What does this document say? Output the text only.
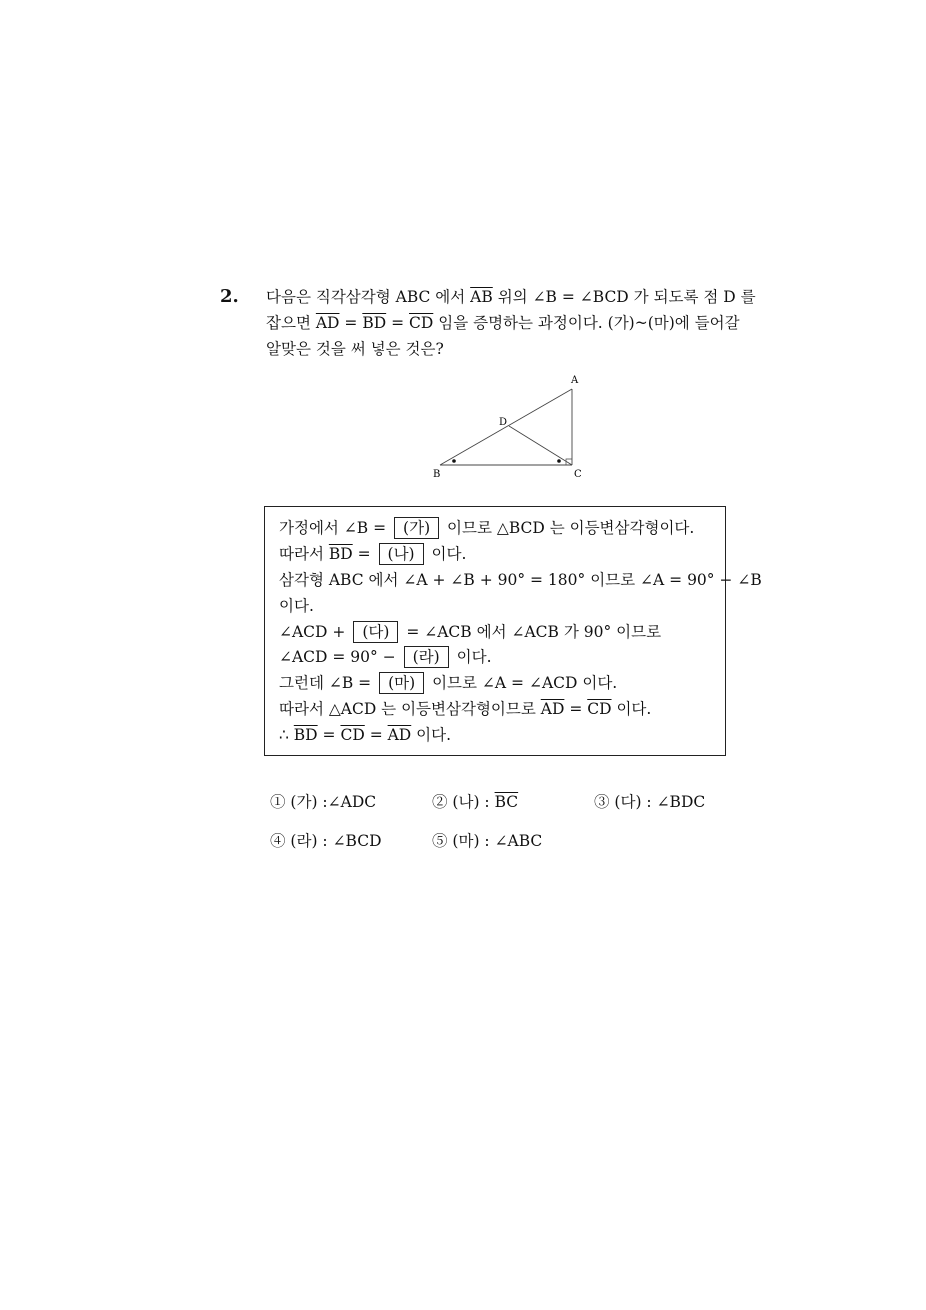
2. 다음은 직각삼각형 ABC 에서 $\overline{AB}$ 위의 ∠B = ∠BCD 가 되도록 점 D 를
잡으면 $\overline{AD} = \overline{BD} = \overline{CD}$ 임을 증명하는 과정이다. (가)~(마)에 들어갈
알맞은 것을 써 넣은 것은?
A
B	C
D
가정에서 ∠B = (가) 이므로 △BCD 는 이등변삼각형이다.
따라서 $\overline{BD}$ = (나) 이다.
삼각형 ABC 에서 ∠A + ∠B + 90° = 180° 이므로 ∠A = 90° − ∠B
이다.
∠ACD + (다) = ∠ACB 에서 ∠ACB 가 90° 이므로
∠ACD = 90° − (라) 이다.
그런데 ∠B = (마) 이므로 ∠A = ∠ACD 이다.
따라서 △ACD 는 이등변삼각형이므로 $\overline{AD} = \overline{CD}$ 이다.
∴ $\overline{BD} = \overline{CD} = \overline{AD}$ 이다.
① (가) :∠ADC	② (나) : $\overline{BC}$	③ (다) : ∠BDC
④ (라) : ∠BCD	⑤ (마) : ∠ABC
